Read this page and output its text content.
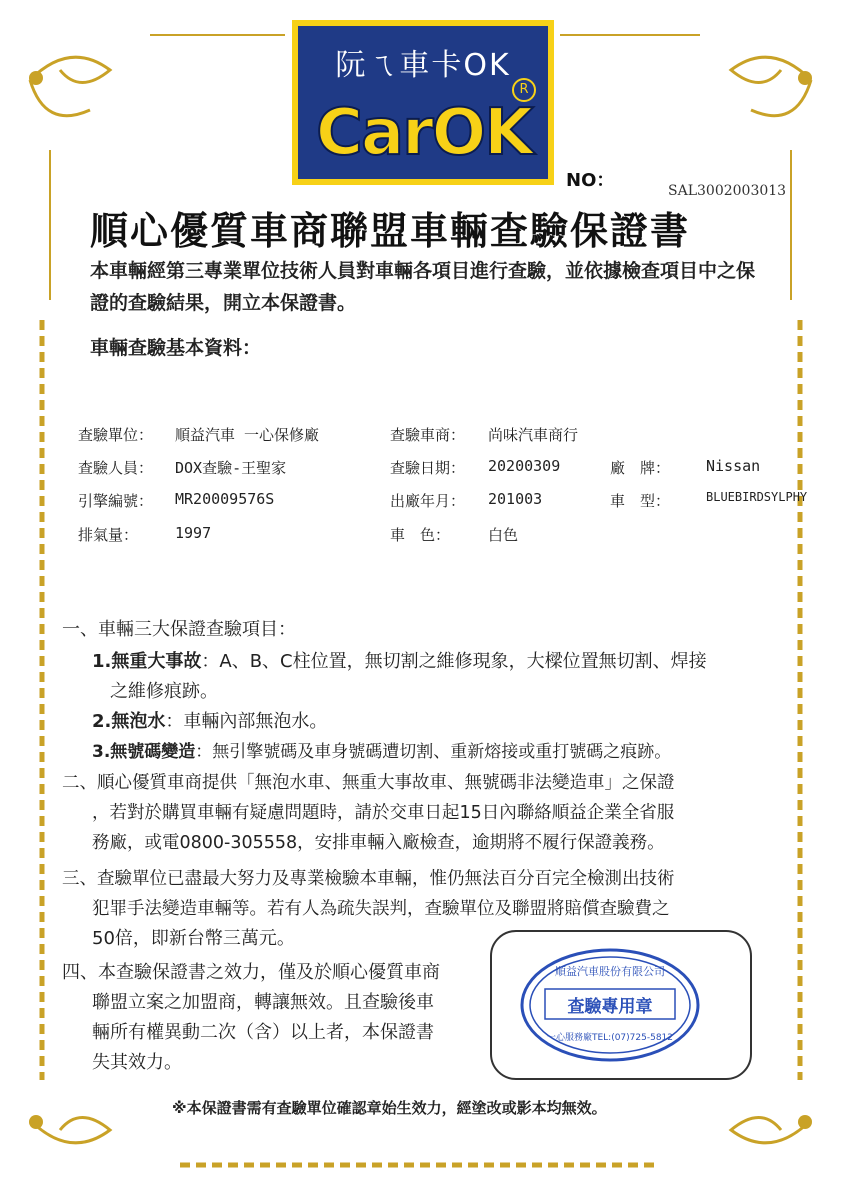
阮ㄟ車卡OK
R
CarOK
NO：	SAL3002003013
順心優質車商聯盟車輛查驗保證書
本車輛經第三專業單位技術人員對車輛各項目進行查驗，並依據檢查項目中之保證的查驗結果，開立本保證書。
車輛查驗基本資料：
查驗單位： 順益汽車 一心保修廠	查驗車商： 尚味汽車商行
查驗人員： DOX查驗-王聖家	查驗日期： 20200309	廠　牌： Nissan
引擎編號： MR20009576S	出廠年月： 201003	車　型：	BLUEBIRDSYLPHY
排氣量： 1997	車　色：	白色
一、車輛三大保證查驗項目：
1.無重大事故：A、B、C柱位置，無切割之維修現象，大樑位置無切割、焊接
之維修痕跡。
2.無泡水：車輛內部無泡水。
3.無號碼變造：無引擎號碼及車身號碼遭切割、重新熔接或重打號碼之痕跡。
二、順心優質車商提供「無泡水車、無重大事故車、無號碼非法變造車」之保證
，若對於購買車輛有疑慮問題時，請於交車日起15日內聯絡順益企業全省服
務廠，或電0800-305558，安排車輛入廠檢查，逾期將不履行保證義務。
三、查驗單位已盡最大努力及專業檢驗本車輛，惟仍無法百分百完全檢測出技術
犯罪手法變造車輛等。若有人為疏失誤判，查驗單位及聯盟將賠償查驗費之
50倍，即新台幣三萬元。
四、本查驗保證書之效力，僅及於順心優質車商
聯盟立案之加盟商，轉讓無效。且查驗後車
輛所有權異動二次（含）以上者，本保證書
失其效力。
順益汽車股份有限公司
查驗專用章
一心服務廠TEL:(07)725-5812
※本保證書需有查驗單位確認章始生效力，經塗改或影本均無效。
